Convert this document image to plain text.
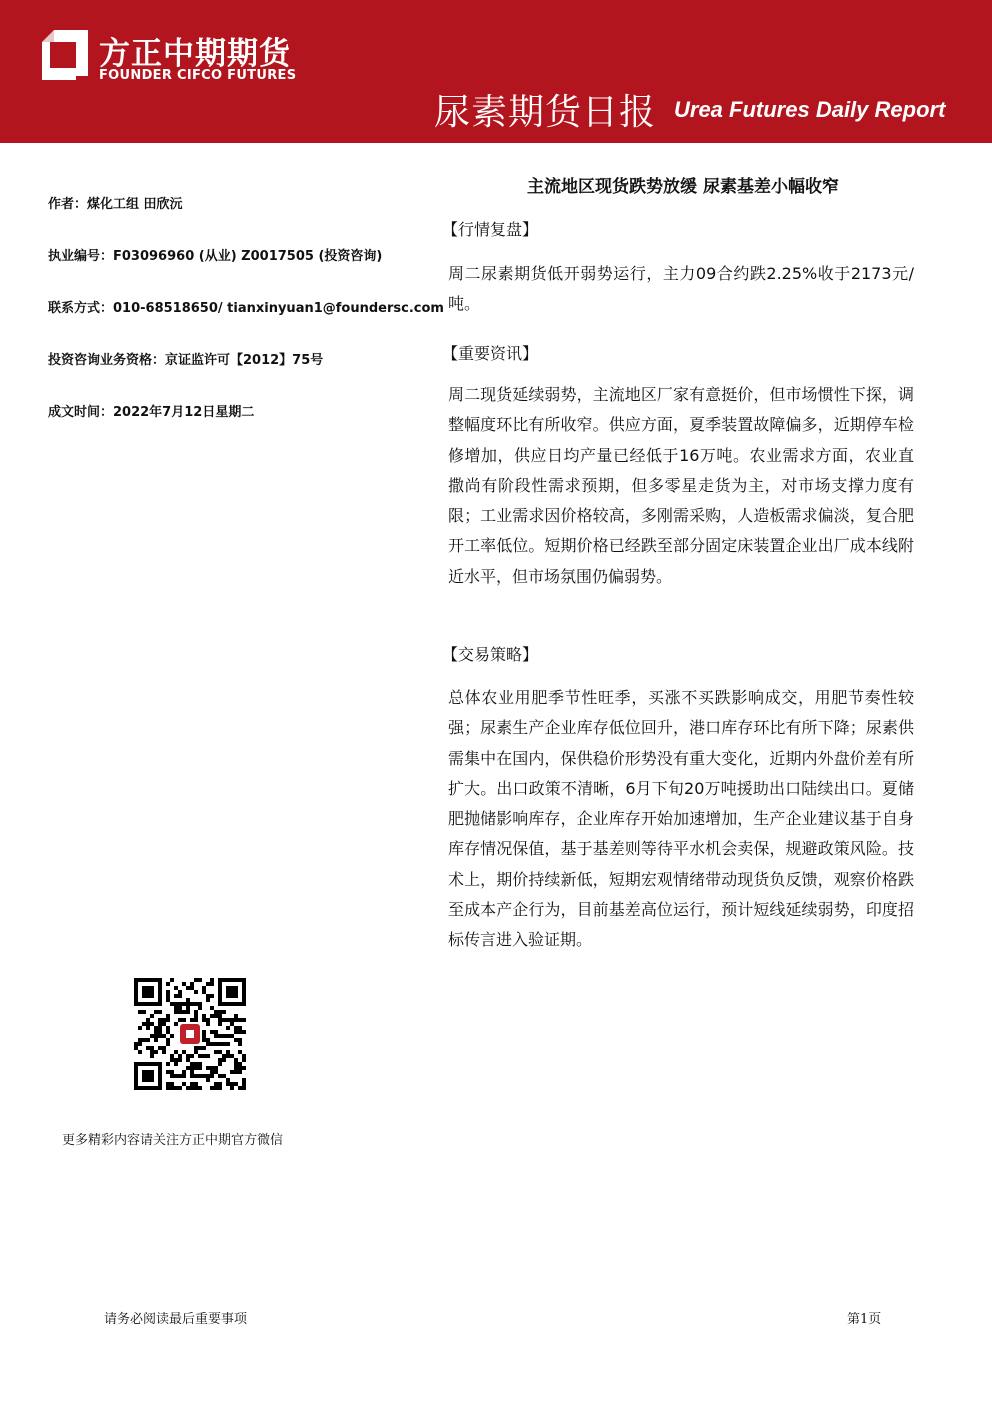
方正中期期货
FOUNDER CIFCO FUTURES
尿素期货日报 Urea Futures Daily Report
作者：煤化工组 田欣沅
执业编号：F03096960 (从业) Z0017505 (投资咨询)
联系方式：010-68518650/ tianxinyuan1@foundersc.com
投资咨询业务资格：京证监许可【2012】75号
成文时间：2022年7月12日星期二
主流地区现货跌势放缓 尿素基差小幅收窄
【行情复盘】

周二尿素期货低开弱势运行，主力09合约跌2.25%收于2173元/吨。

【重要资讯】

周二现货延续弱势，主流地区厂家有意挺价，但市场惯性下探，调整幅度环比有所收窄。供应方面，夏季装置故障偏多，近期停车检修增加，供应日均产量已经低于16万吨。农业需求方面，农业直撒尚有阶段性需求预期，但多零星走货为主，对市场支撑力度有限；工业需求因价格较高，多刚需采购，人造板需求偏淡，复合肥开工率低位。短期价格已经跌至部分固定床装置企业出厂成本线附近水平，但市场氛围仍偏弱势。

【交易策略】

总体农业用肥季节性旺季，买涨不买跌影响成交，用肥节奏性较强；尿素生产企业库存低位回升，港口库存环比有所下降；尿素供需集中在国内，保供稳价形势没有重大变化，近期内外盘价差有所扩大。出口政策不清晰，6月下旬20万吨援助出口陆续出口。夏储肥抛储影响库存，企业库存开始加速增加，生产企业建议基于自身库存情况保值，基于基差则等待平水机会卖保，规避政策风险。技术上，期价持续新低，短期宏观情绪带动现货负反馈，观察价格跌至成本产企行为，目前基差高位运行，预计短线延续弱势，印度招标传言进入验证期。

更多精彩内容请关注方正中期官方微信
请务必阅读最后重要事项	第1页
